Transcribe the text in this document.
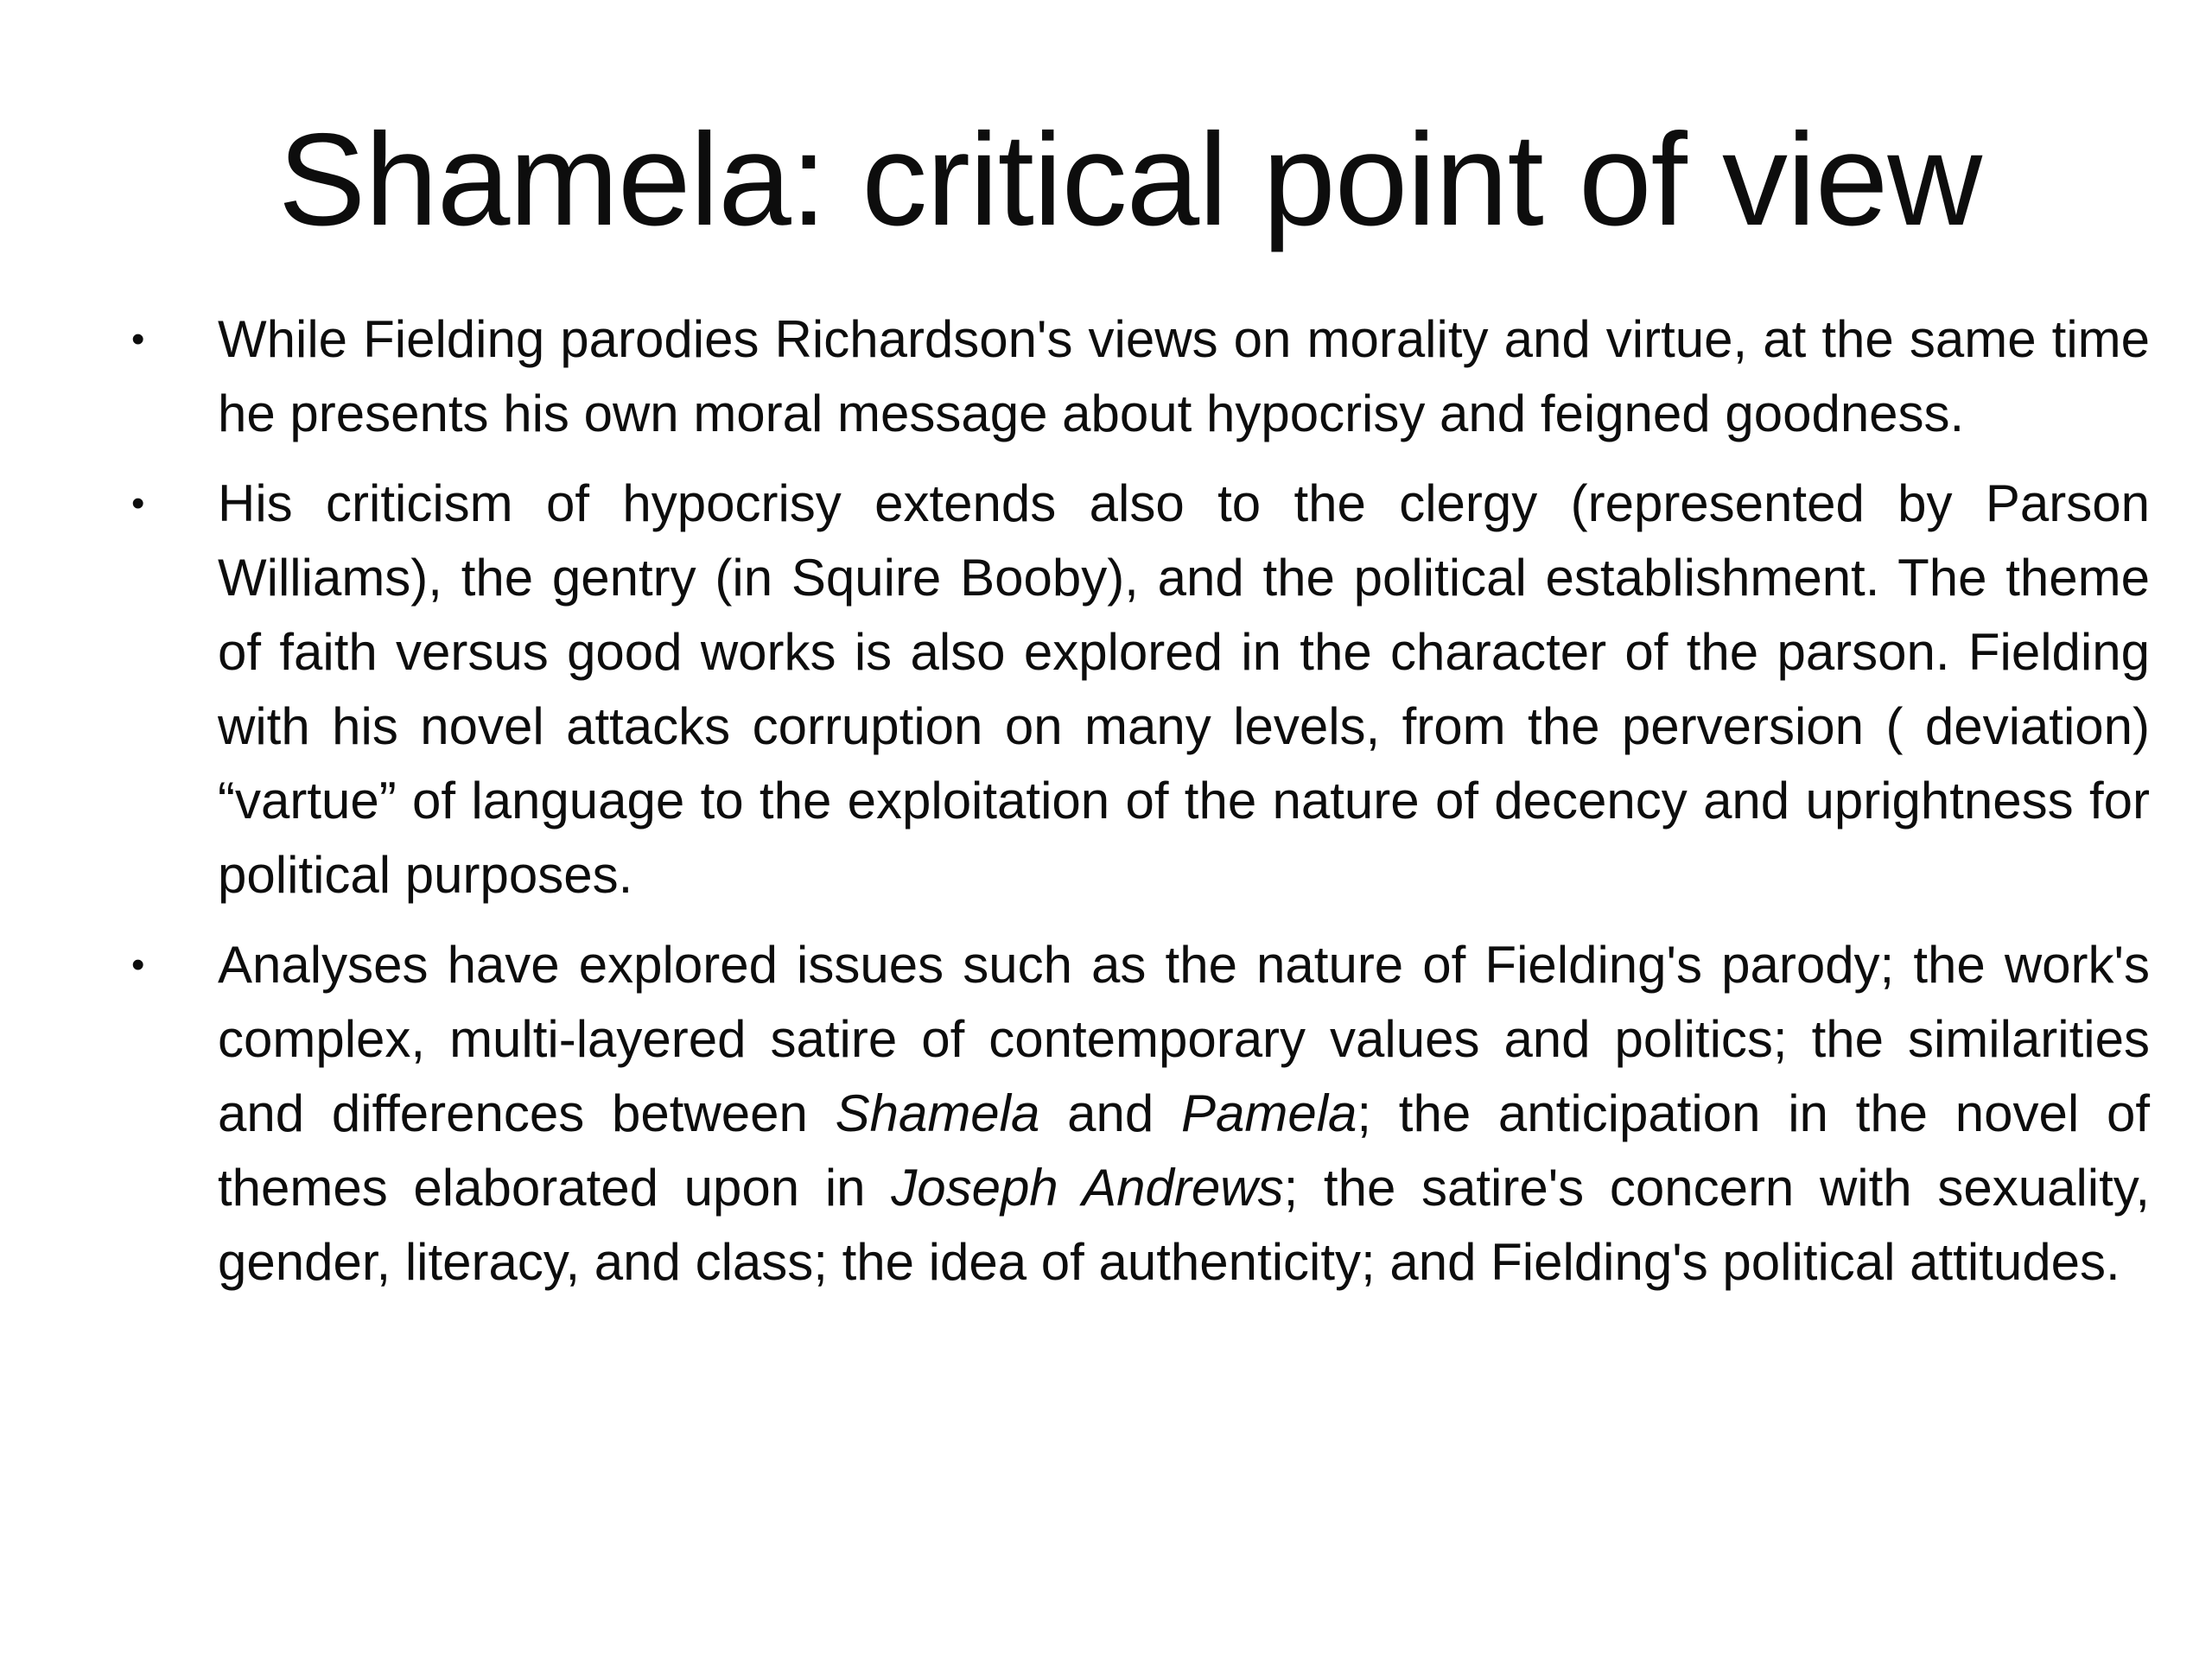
Shamela: critical point of view
•	While Fielding parodies Richardson's views on morality and virtue, at the same time he presents his own moral message about hypocrisy and feigned goodness.
•	His criticism of hypocrisy extends also to the clergy (represented by Parson Williams), the gentry (in Squire Booby), and the political establishment. The theme of faith versus good works is also explored in the character of the parson. Fielding with his novel attacks corruption on many levels, from the perversion ( deviation) “vartue” of language to the exploitation of the nature of decency and uprightness for political purposes.
•	Analyses have explored issues such as the nature of Fielding's parody; the work's complex, multi-layered satire of contemporary values and politics; the similarities and differences between Shamela and Pamela; the anticipation in the novel of themes elaborated upon in Joseph Andrews; the satire's concern with sexuality, gender, literacy, and class; the idea of authenticity; and Fielding's political attitudes.
